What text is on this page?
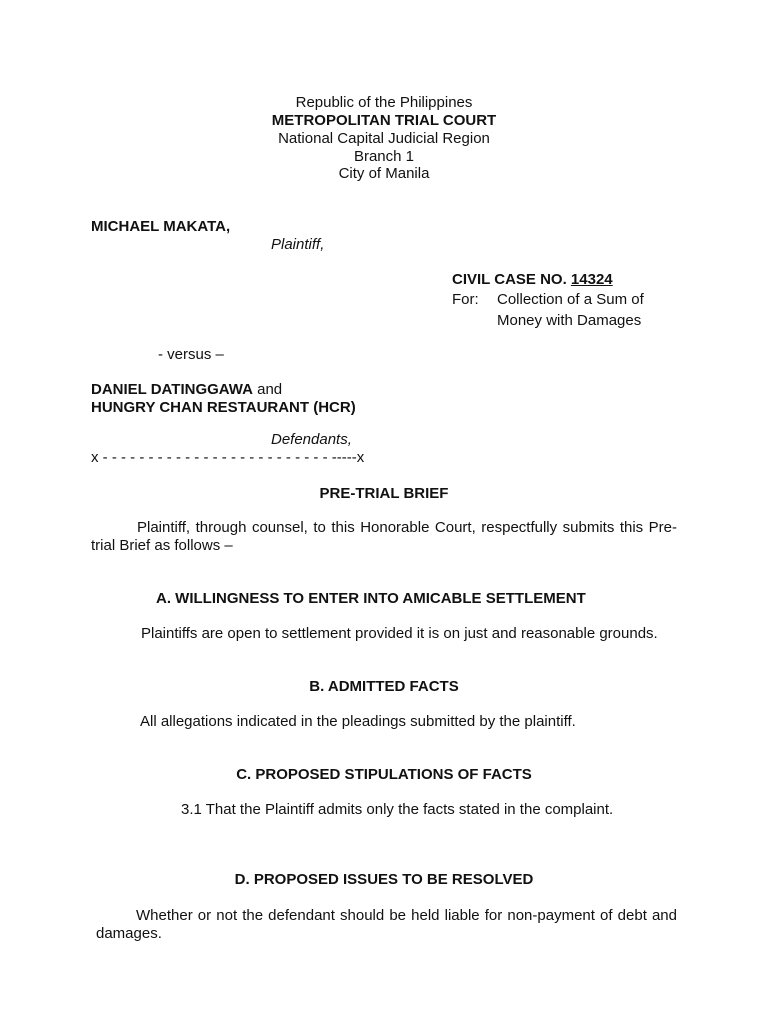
Republic of the Philippines
METROPOLITAN TRIAL COURT
National Capital Judicial Region
Branch 1
City of Manila
MICHAEL MAKATA,
Plaintiff,
CIVIL CASE NO. 14324
For: Collection of a Sum of
Money with Damages
- versus –
DANIEL DATINGGAWA and
HUNGRY CHAN RESTAURANT (HCR)
Defendants,
x - - - - - - - - - - - - - - - - - - - - - - - - - -----x
PRE-TRIAL BRIEF
Plaintiff, through counsel, to this Honorable Court, respectfully submits this Pre-trial Brief as follows –
A. WILLINGNESS TO ENTER INTO AMICABLE SETTLEMENT
Plaintiffs are open to settlement provided it is on just and reasonable grounds.
B. ADMITTED FACTS
All allegations indicated in the pleadings submitted by the plaintiff.
C. PROPOSED STIPULATIONS OF FACTS
3.1 That the Plaintiff admits only the facts stated in the complaint.
D. PROPOSED ISSUES TO BE RESOLVED
Whether or not the defendant should be held liable for non-payment of debt and damages.
